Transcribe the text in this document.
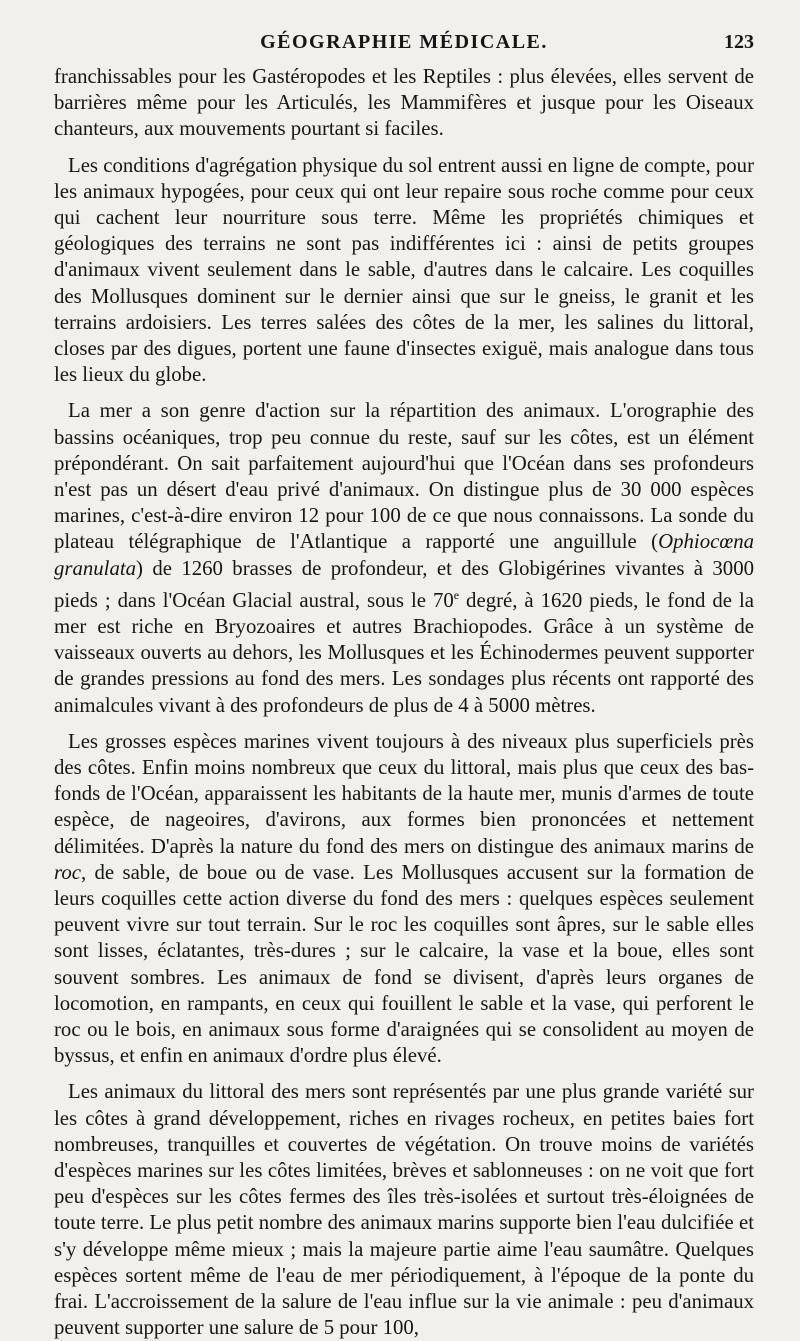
GÉOGRAPHIE MÉDICALE.	123

franchissables pour les Gastéropodes et les Reptiles : plus élevées, elles servent de barrières même pour les Articulés, les Mammifères et jusque pour les Oiseaux chanteurs, aux mouvements pourtant si faciles.

Les conditions d'agrégation physique du sol entrent aussi en ligne de compte, pour les animaux hypogées, pour ceux qui ont leur repaire sous roche comme pour ceux qui cachent leur nourriture sous terre. Même les propriétés chimiques et géologiques des terrains ne sont pas indifférentes ici : ainsi de petits groupes d'animaux vivent seulement dans le sable, d'autres dans le calcaire. Les coquilles des Mollusques dominent sur le dernier ainsi que sur le gneiss, le granit et les terrains ardoisiers. Les terres salées des côtes de la mer, les salines du littoral, closes par des digues, portent une faune d'insectes exiguë, mais analogue dans tous les lieux du globe.

La mer a son genre d'action sur la répartition des animaux. L'orographie des bassins océaniques, trop peu connue du reste, sauf sur les côtes, est un élément prépondérant. On sait parfaitement aujourd'hui que l'Océan dans ses profondeurs n'est pas un désert d'eau privé d'animaux. On distingue plus de 30 000 espèces marines, c'est-à-dire environ 12 pour 100 de ce que nous connaissons. La sonde du plateau télégraphique de l'Atlantique a rapporté une anguillule (Ophiocœna granulata) de 1260 brasses de profondeur, et des Globigérines vivantes à 3000 pieds ; dans l'Océan Glacial austral, sous le 70e degré, à 1620 pieds, le fond de la mer est riche en Bryozoaires et autres Brachiopodes. Grâce à un système de vaisseaux ouverts au dehors, les Mollusques et les Échinodermes peuvent supporter de grandes pressions au fond des mers. Les sondages plus récents ont rapporté des animalcules vivant à des profondeurs de plus de 4 à 5000 mètres.

Les grosses espèces marines vivent toujours à des niveaux plus superficiels près des côtes. Enfin moins nombreux que ceux du littoral, mais plus que ceux des bas-fonds de l'Océan, apparaissent les habitants de la haute mer, munis d'armes de toute espèce, de nageoires, d'avirons, aux formes bien prononcées et nettement délimitées. D'après la nature du fond des mers on distingue des animaux marins de roc, de sable, de boue ou de vase. Les Mollusques accusent sur la formation de leurs coquilles cette action diverse du fond des mers : quelques espèces seulement peuvent vivre sur tout terrain. Sur le roc les coquilles sont âpres, sur le sable elles sont lisses, éclatantes, très-dures ; sur le calcaire, la vase et la boue, elles sont souvent sombres. Les animaux de fond se divisent, d'après leurs organes de locomotion, en rampants, en ceux qui fouillent le sable et la vase, qui perforent le roc ou le bois, en animaux sous forme d'araignées qui se consolident au moyen de byssus, et enfin en animaux d'ordre plus élevé.

Les animaux du littoral des mers sont représentés par une plus grande variété sur les côtes à grand développement, riches en rivages rocheux, en petites baies fort nombreuses, tranquilles et couvertes de végétation. On trouve moins de variétés d'espèces marines sur les côtes limitées, brèves et sablonneuses : on ne voit que fort peu d'espèces sur les côtes fermes des îles très-isolées et surtout très-éloignées de toute terre. Le plus petit nombre des animaux marins supporte bien l'eau dulcifiée et s'y développe même mieux ; mais la majeure partie aime l'eau saumâtre. Quelques espèces sortent même de l'eau de mer périodiquement, à l'époque de la ponte du frai. L'accroissement de la salure de l'eau influe sur la vie animale : peu d'animaux peuvent supporter une salure de 5 pour 100,
